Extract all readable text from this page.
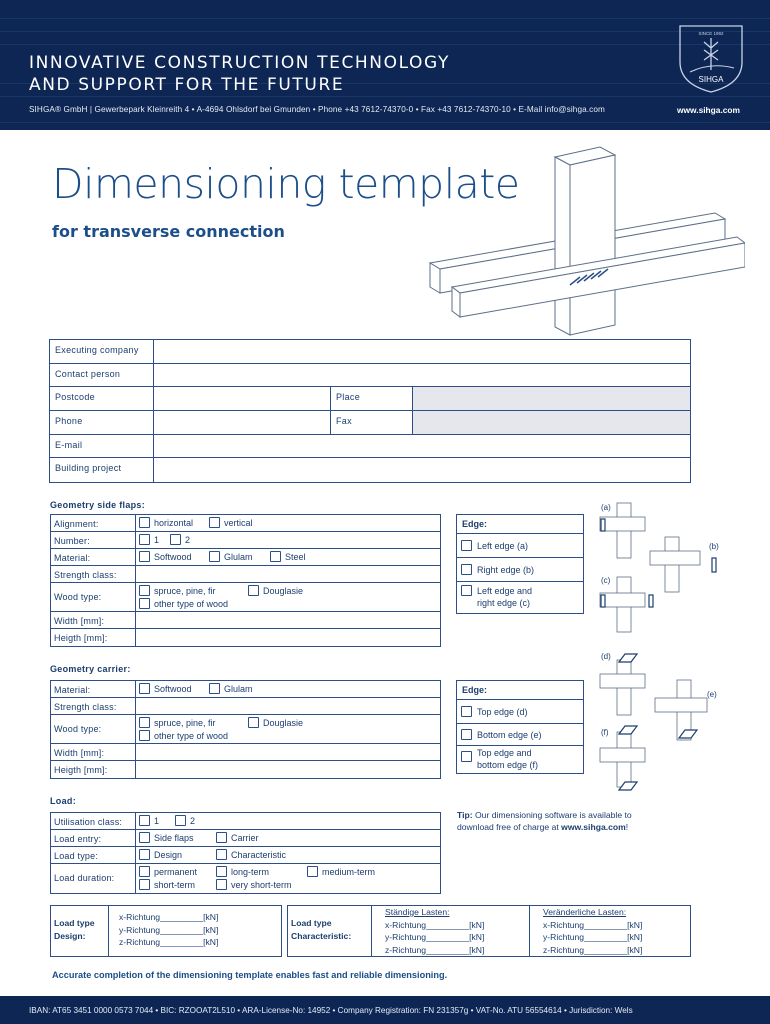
INNOVATIVE CONSTRUCTION TECHNOLOGY
AND SUPPORT FOR THE FUTURE
SIHGA® GmbH | Gewerbepark Kleinreith 4 • A-4694 Ohlsdorf bei Gmunden • Phone +43 7612-74370-0 • Fax +43 7612-74370-10 • E-Mail info@sihga.com	www.sihga.com
SINCE 1992
SIHGA
Dimensioning template
for transverse connection
Executing company
Contact person
Postcode	Place
Phone	Fax
E-mail
Building project
Geometry side flaps:
Alignment:	horizontal	vertical
Number:	1	2
Material:	Softwood	Glulam	Steel
Strength class:
Wood type:
spruce, pine, fir	Douglasie
other type of wood
Width [mm]:
Heigth [mm]:
Edge:
Left edge (a)
Right edge (b)
Left edge and
right edge (c)
(a)
(b)
(c)
Geometry carrier:
Material:	Softwood	Glulam
Strength class:
Wood type:
spruce, pine, fir	Douglasie
other type of wood
Width [mm]:
Heigth [mm]:
Edge:
Top edge (d)
Bottom edge (e)
Top edge and
bottom edge (f)
(d)
(e)
(f)
Load:
Utilisation class:	1	2
Load entry:	Side flaps	Carrier
Load type:	Design	Characteristic
Load duration:
permanent	long-term	medium-term
short-term	very short-term
Tip: Our dimensioning software is available to download free of charge at www.sihga.com!
Load type
Design:
x-Richtung_________[kN]
y-Richtung_________[kN]
z-Richtung_________[kN]
Load type
Characteristic:
Ständige Lasten:
x-Richtung_________[kN]
y-Richtung_________[kN]
z-Richtung_________[kN]
Veränderliche Lasten:
x-Richtung_________[kN]
y-Richtung_________[kN]
z-Richtung_________[kN]
Accurate completion of the dimensioning template enables fast and reliable dimensioning.
IBAN: AT65 3451 0000 0573 7044 • BIC: RZOOAT2L510 • ARA-License-No: 14952 • Company Registration: FN 231357g • VAT-No. ATU 56554614 • Jurisdiction: Wels
